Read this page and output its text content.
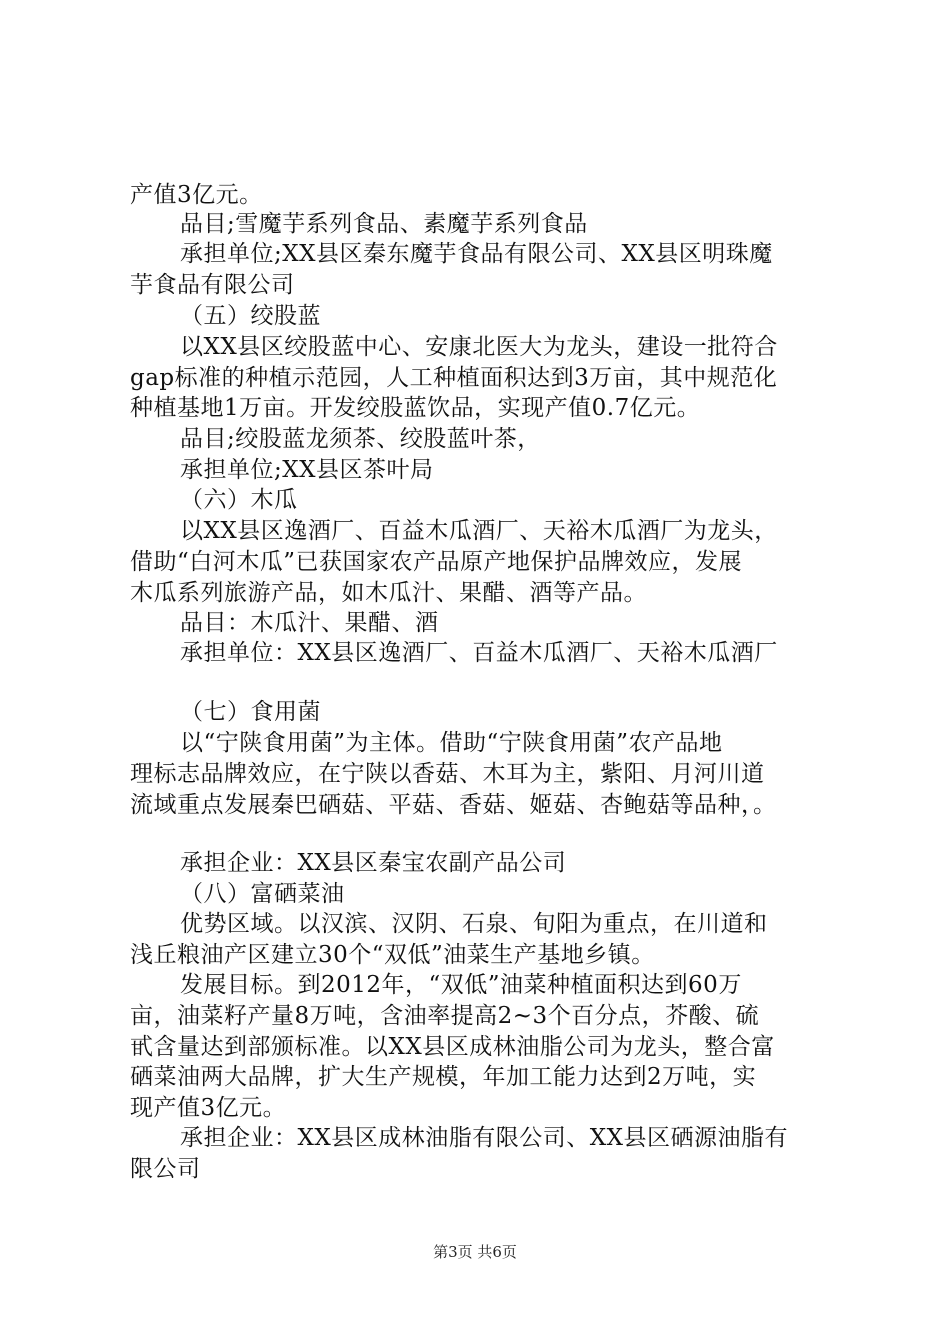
产值3亿元。
品目;雪魔芋系列食品、素魔芋系列食品
承担单位;XX县区秦东魔芋食品有限公司、XX县区明珠魔
芋食品有限公司
（五）绞股蓝
以XX县区绞股蓝中心、安康北医大为龙头，建设一批符合
gap标准的种植示范园，人工种植面积达到3万亩，其中规范化
种植基地1万亩。开发绞股蓝饮品，实现产值0.7亿元。
品目;绞股蓝龙须茶、绞股蓝叶茶，
承担单位;XX县区茶叶局
（六）木瓜
以XX县区逸酒厂、百益木瓜酒厂、天裕木瓜酒厂为龙头，
借助“白河木瓜”已获国家农产品原产地保护品牌效应，发展
木瓜系列旅游产品，如木瓜汁、果醋、酒等产品。
品目：木瓜汁、果醋、酒
承担单位：XX县区逸酒厂、百益木瓜酒厂、天裕木瓜酒厂
（七）食用菌
以“宁陕食用菌”为主体。借助“宁陕食用菌”农产品地
理标志品牌效应，在宁陕以香菇、木耳为主，紫阳、月河川道
流域重点发展秦巴硒菇、平菇、香菇、姬菇、杏鲍菇等品种，。
承担企业：XX县区秦宝农副产品公司
（八）富硒菜油
优势区域。以汉滨、汉阴、石泉、旬阳为重点，在川道和
浅丘粮油产区建立30个“双低”油菜生产基地乡镇。
发展目标。到2012年，“双低”油菜种植面积达到60万
亩，油菜籽产量8万吨，含油率提高2~3个百分点，芥酸、硫
甙含量达到部颁标准。以XX县区成林油脂公司为龙头，整合富
硒菜油两大品牌，扩大生产规模，年加工能力达到2万吨，实
现产值3亿元。
承担企业：XX县区成林油脂有限公司、XX县区硒源油脂有
限公司
第3页 共6页
